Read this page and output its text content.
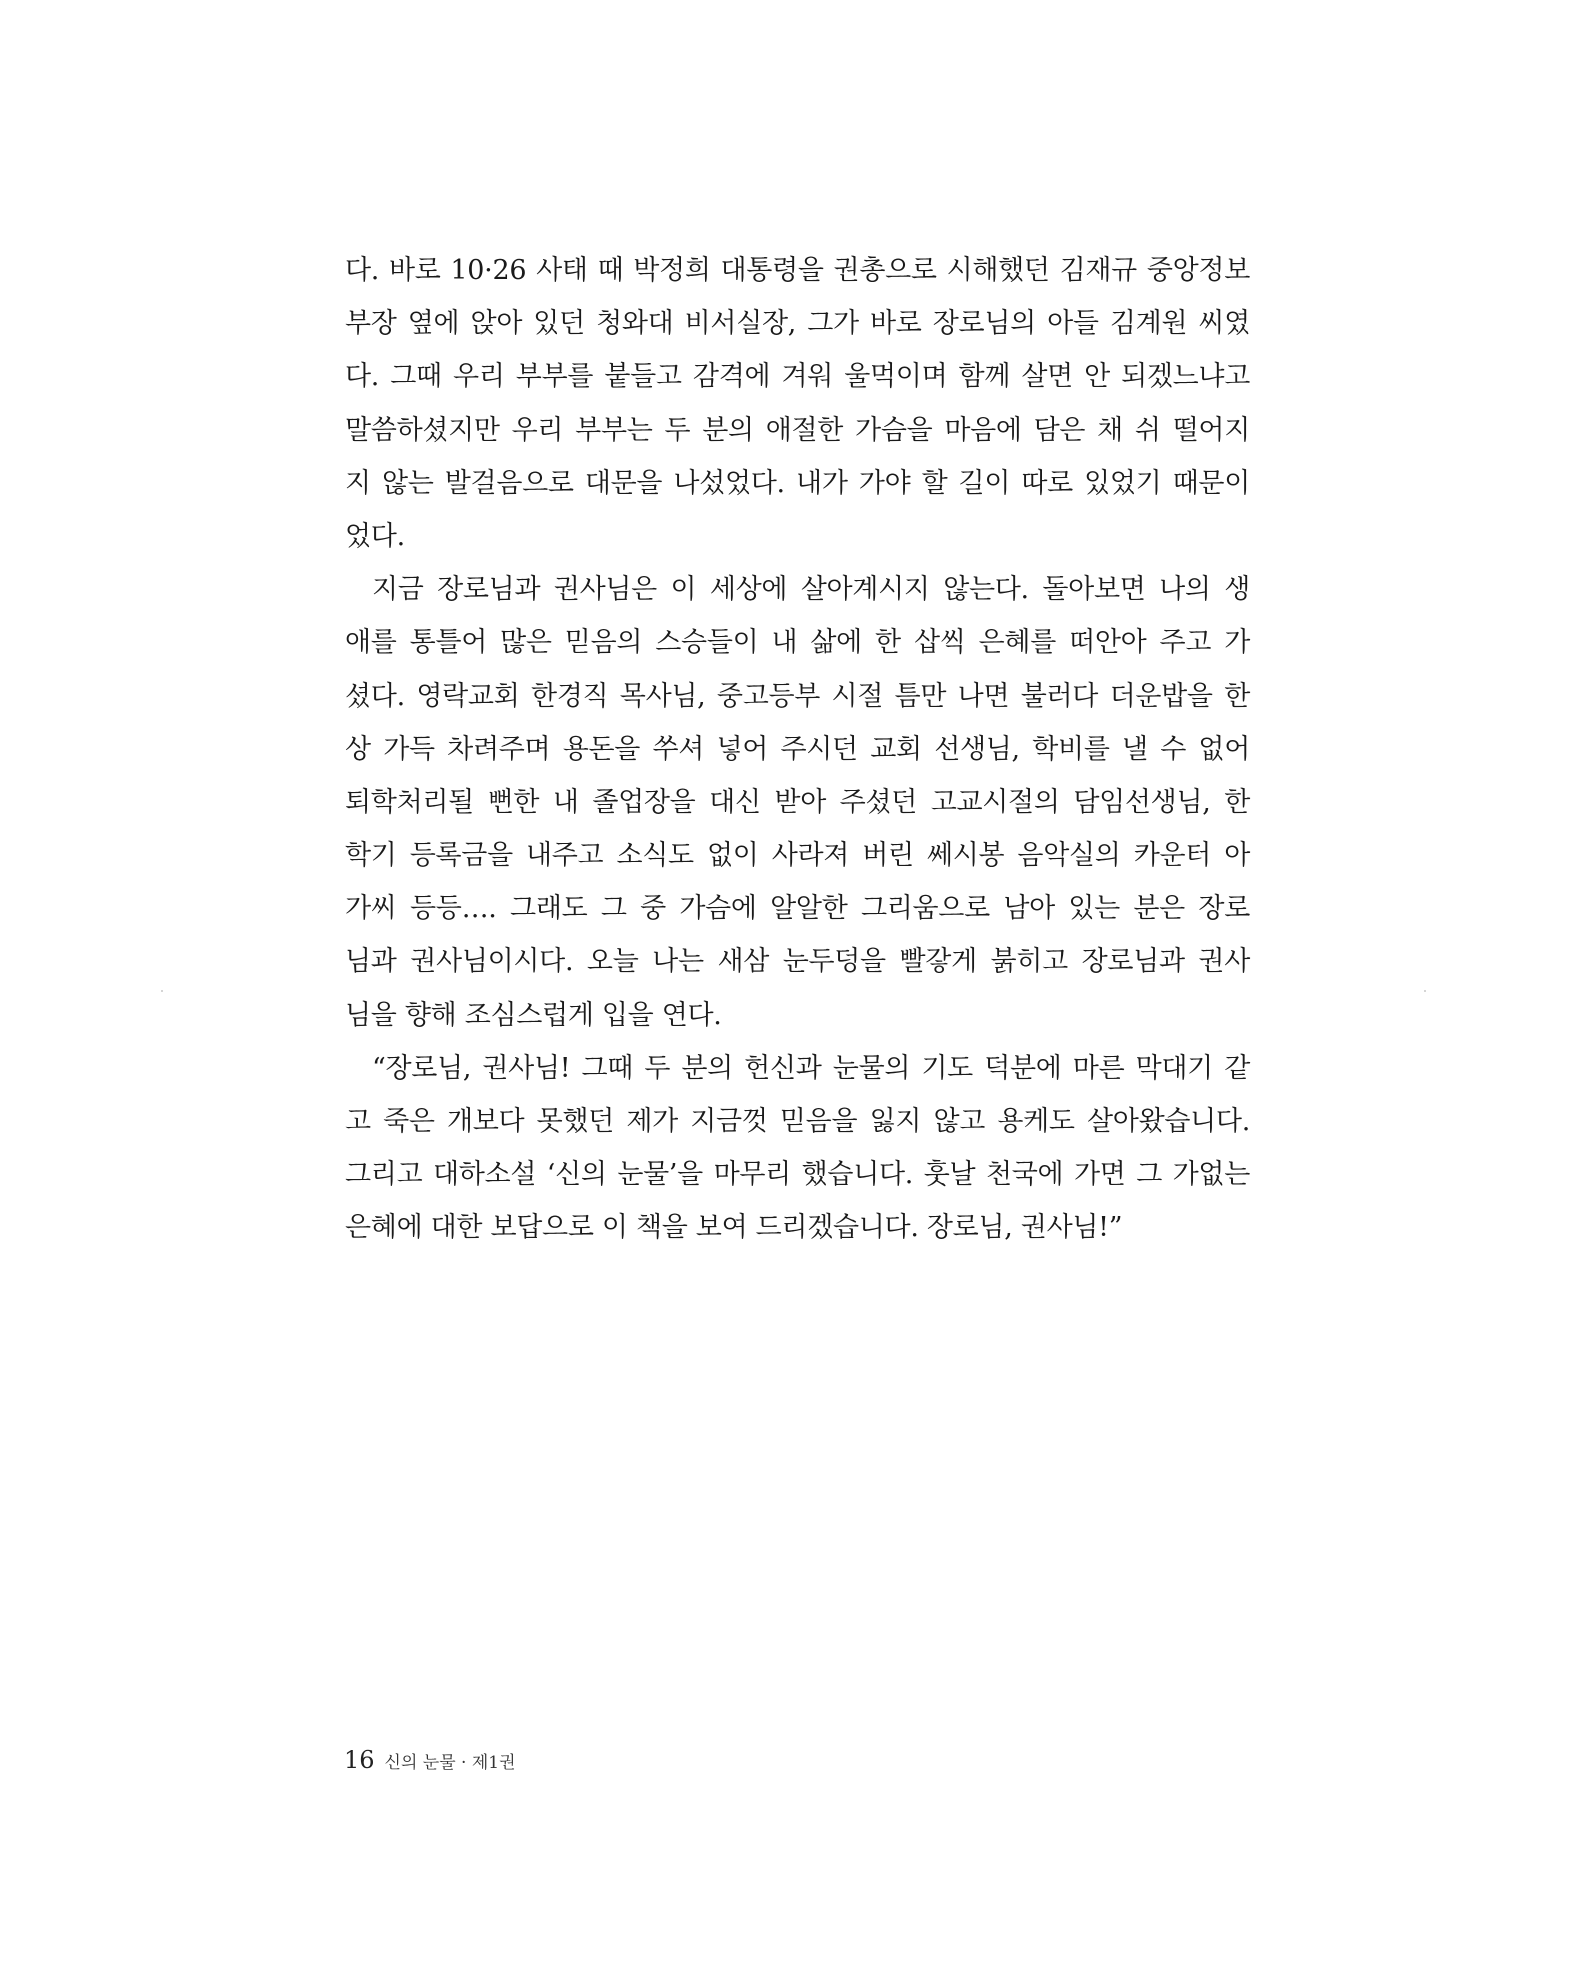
다. 바로 10·26 사태 때 박정희 대통령을 권총으로 시해했던 김재규 중앙정보
부장 옆에 앉아 있던 청와대 비서실장, 그가 바로 장로님의 아들 김계원 씨였
다. 그때 우리 부부를 붙들고 감격에 겨워 울먹이며 함께 살면 안 되겠느냐고
말씀하셨지만 우리 부부는 두 분의 애절한 가슴을 마음에 담은 채 쉬 떨어지
지 않는 발걸음으로 대문을 나섰었다. 내가 가야 할 길이 따로 있었기 때문이
었다.
지금 장로님과 권사님은 이 세상에 살아계시지 않는다. 돌아보면 나의 생
애를 통틀어 많은 믿음의 스승들이 내 삶에 한 삽씩 은혜를 떠안아 주고 가
셨다. 영락교회 한경직 목사님, 중고등부 시절 틈만 나면 불러다 더운밥을 한
상 가득 차려주며 용돈을 쑤셔 넣어 주시던 교회 선생님, 학비를 낼 수 없어
퇴학처리될 뻔한 내 졸업장을 대신 받아 주셨던 고교시절의 담임선생님, 한
학기 등록금을 내주고 소식도 없이 사라져 버린 쎄시봉 음악실의 카운터 아
가씨 등등…. 그래도 그 중 가슴에 알알한 그리움으로 남아 있는 분은 장로
님과 권사님이시다. 오늘 나는 새삼 눈두덩을 빨갛게 붉히고 장로님과 권사
님을 향해 조심스럽게 입을 연다.
“장로님, 권사님! 그때 두 분의 헌신과 눈물의 기도 덕분에 마른 막대기 같
고 죽은 개보다 못했던 제가 지금껏 믿음을 잃지 않고 용케도 살아왔습니다.
그리고 대하소설 ‘신의 눈물’을 마무리 했습니다. 훗날 천국에 가면 그 가없는
은혜에 대한 보답으로 이 책을 보여 드리겠습니다. 장로님, 권사님!”
16 신의 눈물 · 제1권
